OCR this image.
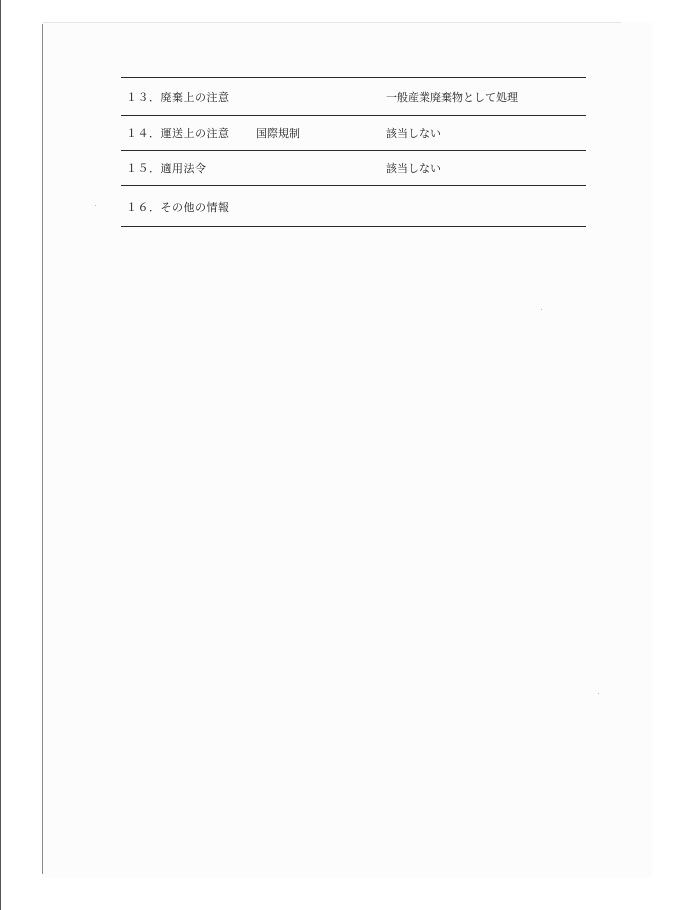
１３．廃棄上の注意	一般産業廃棄物として処理
１４．運送上の注意 国際規制	該当しない
１５．適用法令	該当しない
１６．その他の情報
